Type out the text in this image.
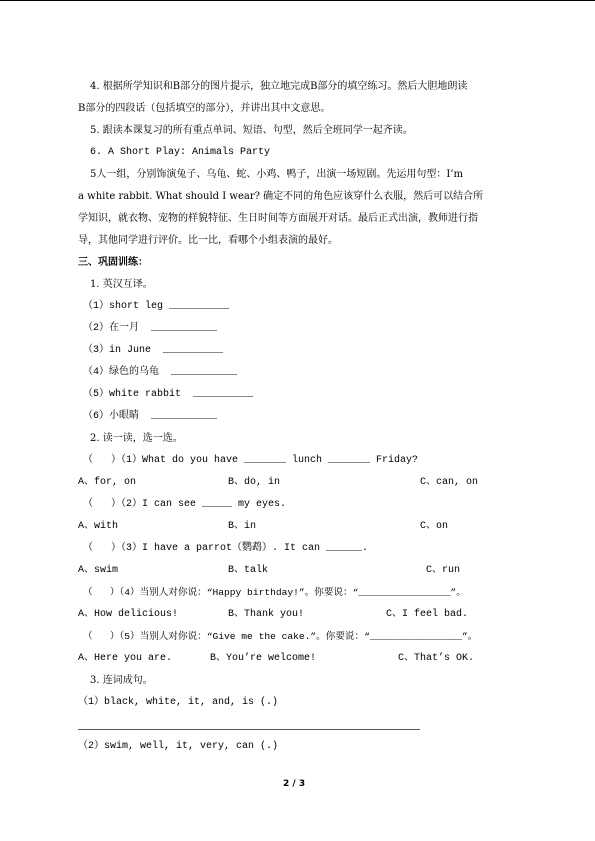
4. 根据所学知识和B部分的图片提示，独立地完成B部分的填空练习。然后大胆地朗读
B部分的四段话（包括填空的部分），并讲出其中文意思。
5. 跟读本课复习的所有重点单词、短语、句型，然后全班同学一起齐读。
6. A Short Play: Animals Party
5人一组，分别饰演兔子、乌龟、蛇、小鸡、鸭子，出演一场短剧。先运用句型：I’m
a white rabbit. What should I wear? 确定不同的角色应该穿什么衣服，然后可以结合所
学知识，就衣物、宠物的样貌特征、生日时间等方面展开对话。最后正式出演，教师进行指
导，其他同学进行评价。比一比，看哪个小组表演的最好。
三、巩固训练：
1. 英汉互译。
（1）short leg __________
（2）在一月  ___________
（3）in June  __________
（4）绿色的乌龟  ___________
（5）white rabbit  __________
（6）小眼睛  ___________
2. 读一读，选一选。
（   ）（1）What do you have _______ lunch _______ Friday?
A、for, on	B、do, in	C、can, on
（   ）（2）I can see _____ my eyes.
A、with	B、in	C、on
（   ）（3）I have a parrot（鹦鹉）. It can ______.
A、swim	B、talk	C、run
（   ）（4）当别人对你说：“Happy birthday!”。你要说：“________________”。
A、How delicious!	B、Thank you!	C、I feel bad.
（   ）（5）当别人对你说：“Give me the cake.”。你要说：“________________”。
A、Here you are.	B、You’re welcome!	C、That’s OK.
3. 连词成句。
（1）black, white, it, and, is (.)
（2）swim, well, it, very, can (.)
2 / 3
